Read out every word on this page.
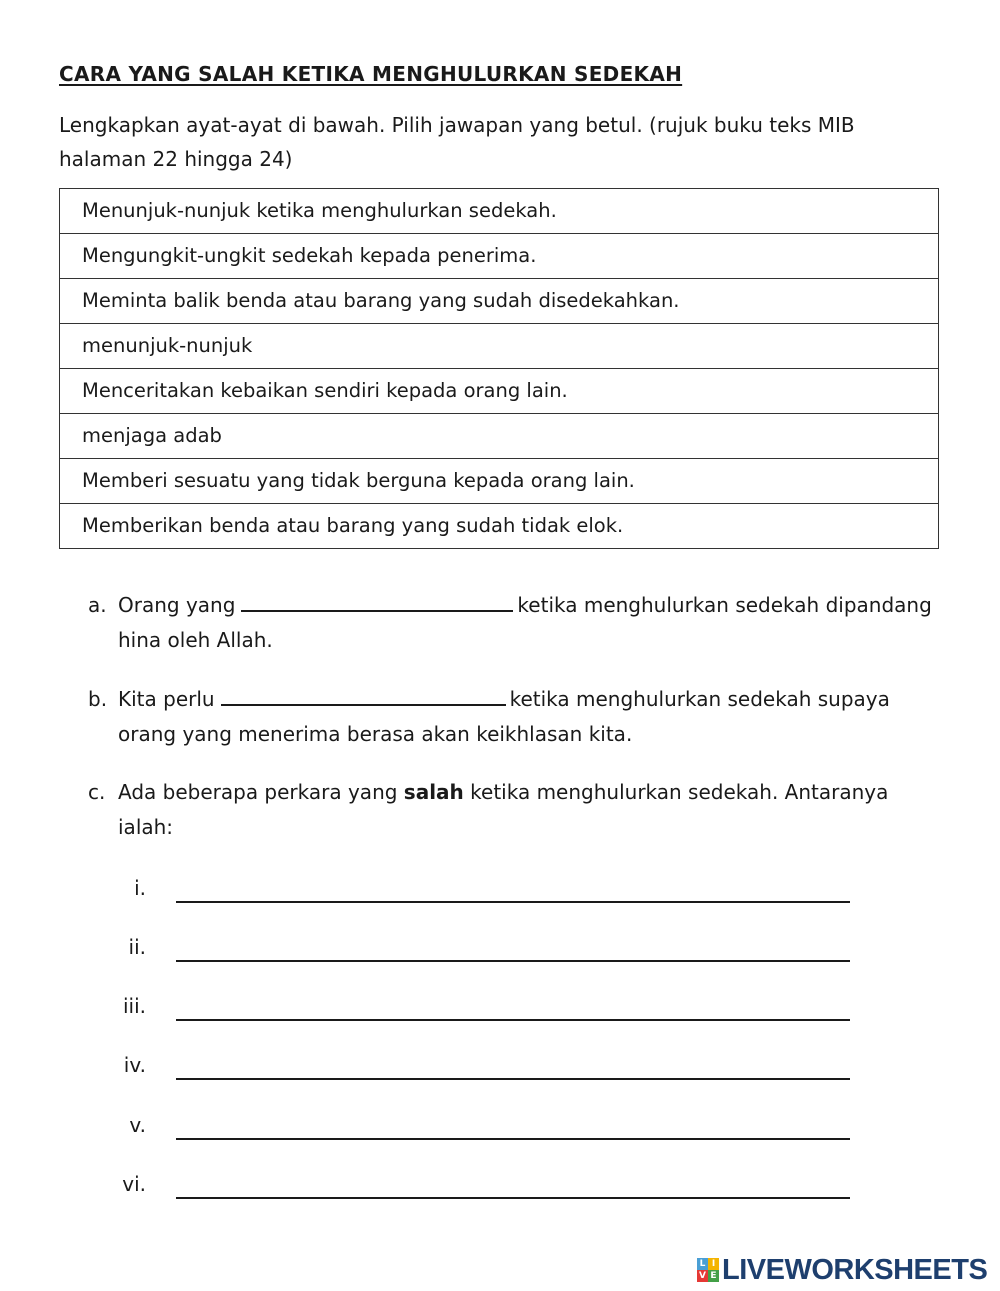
CARA YANG SALAH KETIKA MENGHULURKAN SEDEKAH
Lengkapkan ayat-ayat di bawah. Pilih jawapan yang betul. (rujuk buku teks MIB halaman 22 hingga 24)
Menunjuk-nunjuk ketika menghulurkan sedekah.
Mengungkit-ungkit sedekah kepada penerima.
Meminta balik benda atau barang yang sudah disedekahkan.
menunjuk-nunjuk
Menceritakan kebaikan sendiri kepada orang lain.
menjaga adab
Memberi sesuatu yang tidak berguna kepada orang lain.
Memberikan benda atau barang yang sudah tidak elok.
a. Orang yang	ketika menghulurkan sedekah dipandang hina oleh Allah.
b. Kita perlu	ketika menghulurkan sedekah supaya orang yang menerima berasa akan keikhlasan kita.
c. Ada beberapa perkara yang salah ketika menghulurkan sedekah. Antaranya ialah:
i.
ii.
iii.
iv.
v.
vi.
L I
V E LIVEWORKSHEETS
